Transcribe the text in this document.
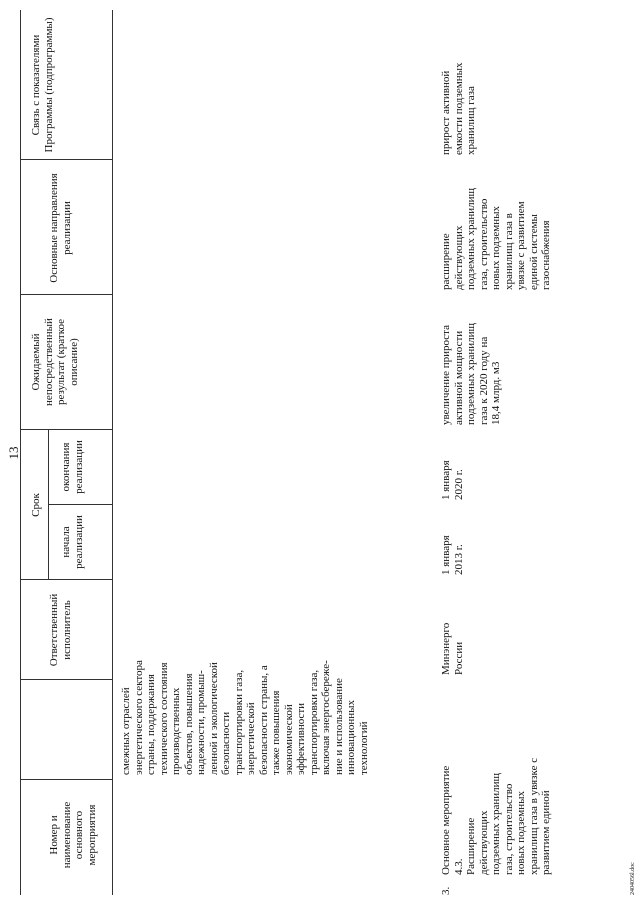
13
Номер и наименование основного мероприятия
Ответственный исполнитель
Срок
начала реализации
окончания реализации
Ожидаемый непосредственный результат (краткое описание)
Основные направления реализации
Связь с показателями Программы (подпрограммы)
смежных отраслей
энергетического сектора
страны, поддержания
технического состояния
производственных
объектов, повышения
надежности, промыш-
ленной и экологической
безопасности
транспортировки газа,
энергетической
безопасности страны, а
также повышения
экономической
эффективности
транспортировки газа,
включая энергосбереже-
ние и использование
инновационных
технологий
3.
Основное мероприятие
4.3.
Расширение
действующих
подземных хранилищ
газа, строительство
новых подземных
хранилищ газа в увязке с
развитием единой
Минэнерго
России
1 января
2013 г.
1 января
2020 г.
увеличение прироста
активной мощности
подземных хранилищ
газа к 2020 году на
18,4 млрд. м3
расширение
действующих
подземных хранилищ
газа, строительство
новых подземных
хранилищ газа в
увязке с развитием
единой системы
газоснабжения
прирост активной
емкости подземных
хранилищ газа
2404056l.doc
